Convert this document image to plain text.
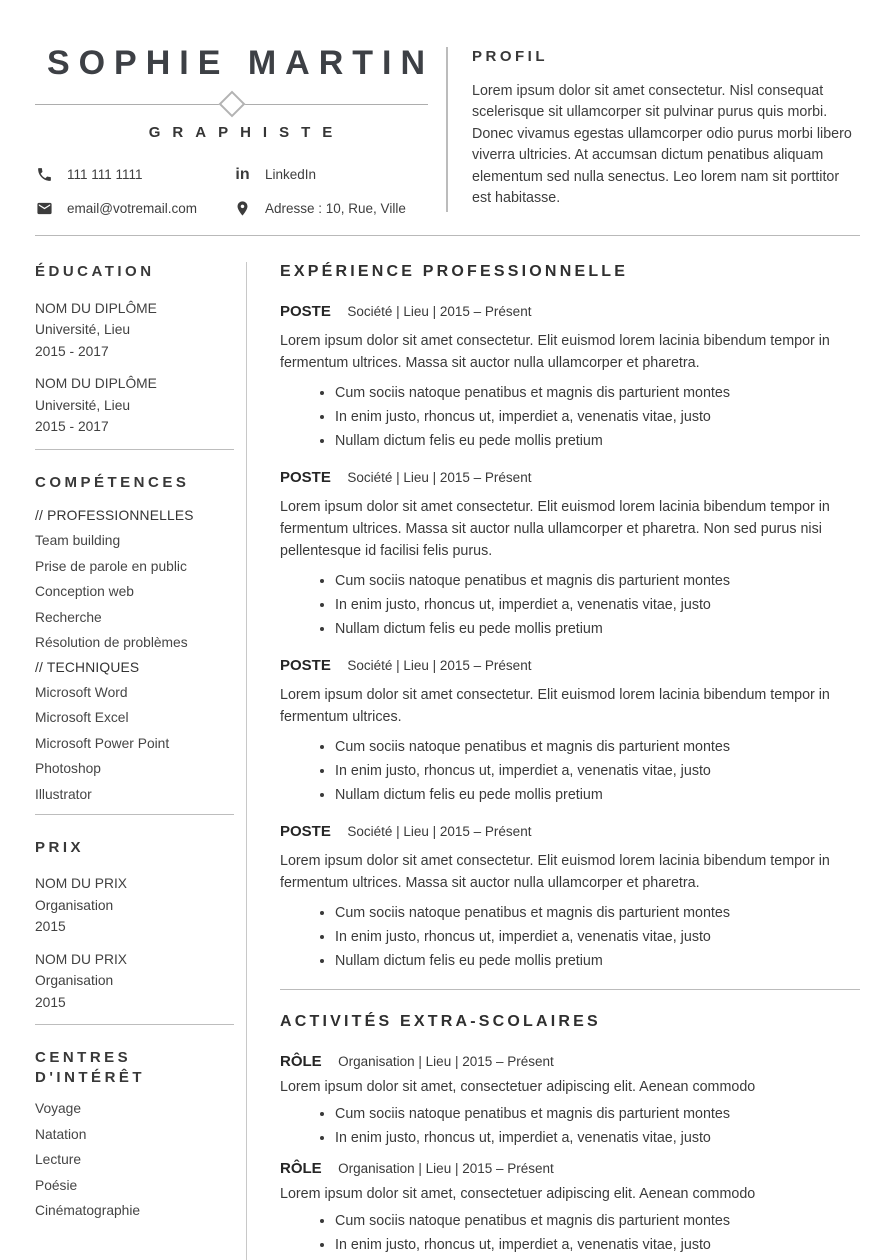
SOPHIE MARTIN
GRAPHISTE
111 111 1111	in LinkedIn
email@votremail.com	Adresse : 10, Rue, Ville
PROFIL

Lorem ipsum dolor sit amet consectetur. Nisl consequat scelerisque sit ullamcorper sit pulvinar purus quis morbi. Donec vivamus egestas ullamcorper odio purus morbi libero viverra ultricies. At accumsan dictum penatibus aliquam elementum sed nulla senectus. Leo lorem nam sit porttitor est habitasse.

ÉDUCATION
NOM DU DIPLÔME
Université, Lieu
2015 - 2017
NOM DU DIPLÔME
Université, Lieu
2015 - 2017
COMPÉTENCES
// PROFESSIONNELLES
Team building
Prise de parole en public
Conception web
Recherche
Résolution de problèmes
// TECHNIQUES
Microsoft Word
Microsoft Excel
Microsoft Power Point
Photoshop
Illustrator
PRIX
NOM DU PRIX
Organisation
2015
NOM DU PRIX
Organisation
2015
CENTRES D'INTÉRÊT
Voyage
Natation
Lecture
Poésie
Cinématographie
EXPÉRIENCE PROFESSIONNELLE
POSTE Société | Lieu | 2015 – Présent

Lorem ipsum dolor sit amet consectetur. Elit euismod lorem lacinia bibendum tempor in fermentum ultrices. Massa sit auctor nulla ullamcorper et pharetra.

• Cum sociis natoque penatibus et magnis dis parturient montes
• In enim justo, rhoncus ut, imperdiet a, venenatis vitae, justo
• Nullam dictum felis eu pede mollis pretium
POSTE Société | Lieu | 2015 – Présent

Lorem ipsum dolor sit amet consectetur. Elit euismod lorem lacinia bibendum tempor in fermentum ultrices. Massa sit auctor nulla ullamcorper et pharetra. Non sed purus nisi pellentesque id facilisi felis purus.

• Cum sociis natoque penatibus et magnis dis parturient montes
• In enim justo, rhoncus ut, imperdiet a, venenatis vitae, justo
• Nullam dictum felis eu pede mollis pretium
POSTE Société | Lieu | 2015 – Présent

Lorem ipsum dolor sit amet consectetur. Elit euismod lorem lacinia bibendum tempor in fermentum ultrices.

• Cum sociis natoque penatibus et magnis dis parturient montes
• In enim justo, rhoncus ut, imperdiet a, venenatis vitae, justo
• Nullam dictum felis eu pede mollis pretium
POSTE Société | Lieu | 2015 – Présent

Lorem ipsum dolor sit amet consectetur. Elit euismod lorem lacinia bibendum tempor in fermentum ultrices. Massa sit auctor nulla ullamcorper et pharetra.

• Cum sociis natoque penatibus et magnis dis parturient montes
• In enim justo, rhoncus ut, imperdiet a, venenatis vitae, justo
• Nullam dictum felis eu pede mollis pretium
ACTIVITÉS EXTRA-SCOLAIRES
RÔLE Organisation | Lieu | 2015 – Présent

Lorem ipsum dolor sit amet, consectetuer adipiscing elit. Aenean commodo

• Cum sociis natoque penatibus et magnis dis parturient montes
• In enim justo, rhoncus ut, imperdiet a, venenatis vitae, justo
RÔLE Organisation | Lieu | 2015 – Présent

Lorem ipsum dolor sit amet, consectetuer adipiscing elit. Aenean commodo

• Cum sociis natoque penatibus et magnis dis parturient montes
• In enim justo, rhoncus ut, imperdiet a, venenatis vitae, justo
